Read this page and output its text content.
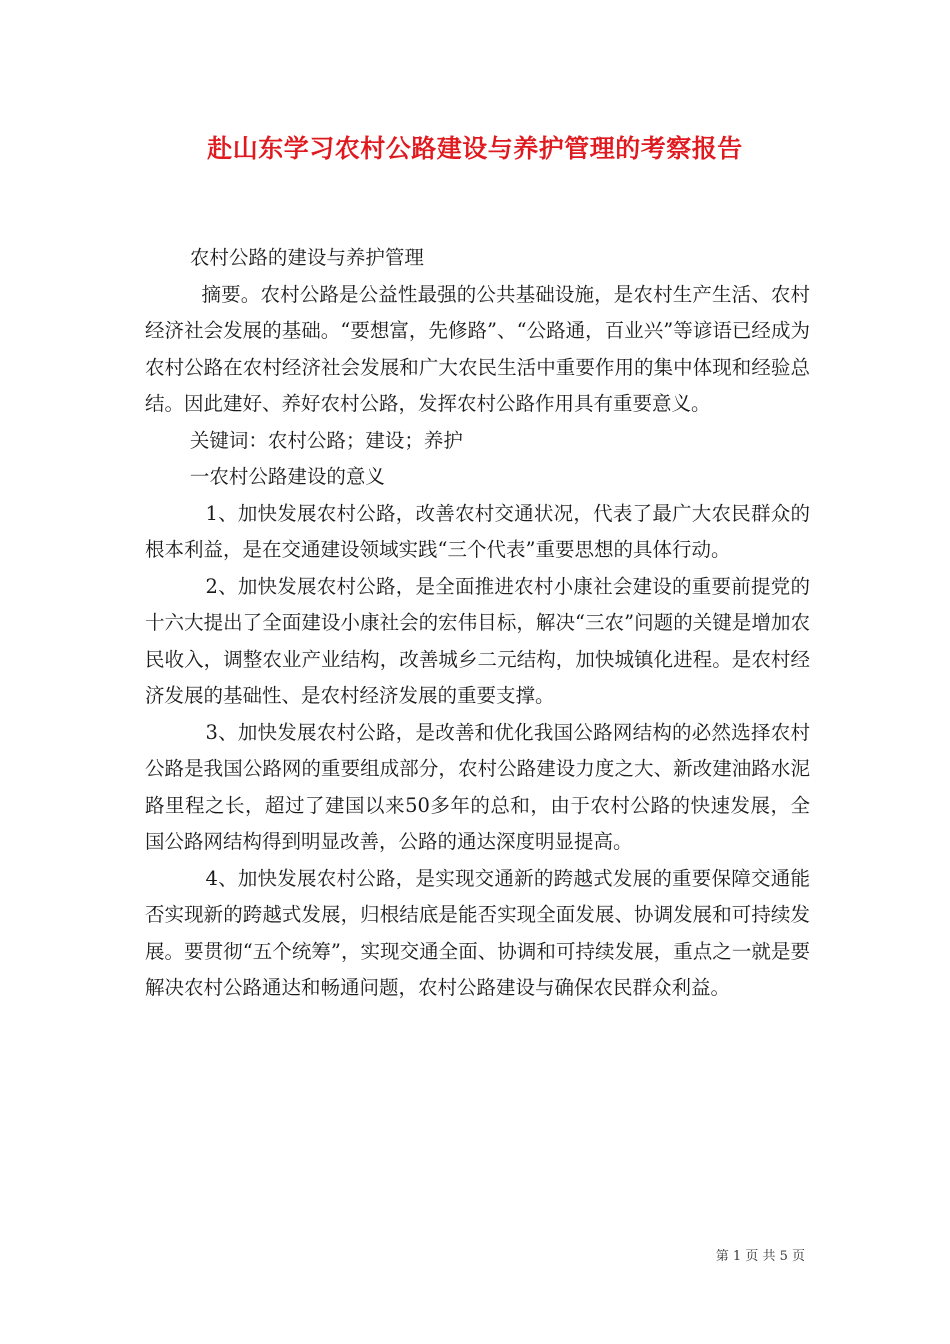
赴山东学习农村公路建设与养护管理的考察报告

农村公路的建设与养护管理

摘要。农村公路是公益性最强的公共基础设施，是农村生产生活、农村经济社会发展的基础。“要想富，先修路”、“公路通，百业兴”等谚语已经成为农村公路在农村经济社会发展和广大农民生活中重要作用的集中体现和经验总结。因此建好、养好农村公路，发挥农村公路作用具有重要意义。

关键词：农村公路；建设；养护

一农村公路建设的意义

1、加快发展农村公路，改善农村交通状况，代表了最广大农民群众的根本利益，是在交通建设领域实践“三个代表”重要思想的具体行动。

2、加快发展农村公路，是全面推进农村小康社会建设的重要前提党的十六大提出了全面建设小康社会的宏伟目标，解决“三农”问题的关键是增加农民收入，调整农业产业结构，改善城乡二元结构，加快城镇化进程。是农村经济发展的基础性、是农村经济发展的重要支撑。

3、加快发展农村公路，是改善和优化我国公路网结构的必然选择农村公路是我国公路网的重要组成部分，农村公路建设力度之大、新改建油路水泥路里程之长，超过了建国以来50多年的总和，由于农村公路的快速发展，全国公路网结构得到明显改善，公路的通达深度明显提高。

4、加快发展农村公路，是实现交通新的跨越式发展的重要保障交通能否实现新的跨越式发展，归根结底是能否实现全面发展、协调发展和可持续发展。要贯彻“五个统筹”，实现交通全面、协调和可持续发展，重点之一就是要解决农村公路通达和畅通问题，农村公路建设与确保农民群众利益。

第 1 页 共 5 页
